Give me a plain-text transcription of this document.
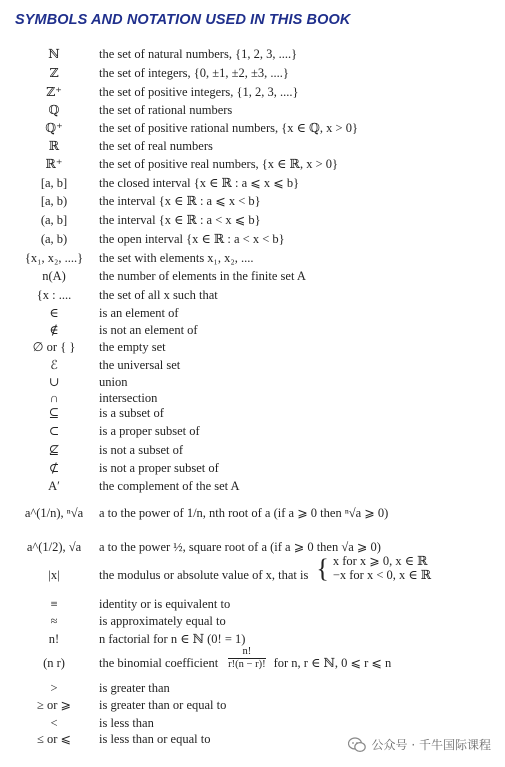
SYMBOLS AND NOTATION USED IN THIS BOOK
ℕ	the set of natural numbers, {1, 2, 3, ....}
ℤ	the set of integers, {0, ±1, ±2, ±3, ....}
ℤ⁺	the set of positive integers, {1, 2, 3, ....}
ℚ	the set of rational numbers
ℚ⁺	the set of positive rational numbers, {x ∈ ℚ, x > 0}
ℝ	the set of real numbers
ℝ⁺	the set of positive real numbers, {x ∈ ℝ, x > 0}
[a, b]	the closed interval {x ∈ ℝ : a ⩽ x ⩽ b}
[a, b)	the interval {x ∈ ℝ : a ⩽ x < b}
(a, b]	the interval {x ∈ ℝ : a < x ⩽ b}
(a, b)	the open interval {x ∈ ℝ : a < x < b}
{x₁, x₂, ....}	the set with elements x₁, x₂, ....
n(A)	the number of elements in the finite set A
{x : ....	the set of all x such that
∈	is an element of
∉	is not an element of
∅ or { }	the empty set
ℰ	the universal set
∪	union
∩	intersection
⊆	is a subset of
⊂	is a proper subset of
⊈	is not a subset of
⊄	is not a proper subset of
A′	the complement of the set A
a^(1/n), ⁿ√a	a to the power of 1/n, nth root of a (if a ⩾ 0 then ⁿ√a ⩾ 0)
a^(1/2), √a	a to the power ½, square root of a (if a ⩾ 0 then √a ⩾ 0)
|x|	the modulus or absolute value of x, that is { x for x ⩾ 0, x ∈ ℝ
−x for x < 0, x ∈ ℝ
≡	identity or is equivalent to
≈	is approximately equal to
n!	n factorial for n ∈ ℕ (0! = 1)
(n r)	the binomial coefficient $\frac{n!}{r!(n - r)!}$ for n, r ∈ ℕ, 0 ⩽ r ⩽ n
>	is greater than
≥ or ⩾	is greater than or equal to
<	is less than
≤ or ⩽	is less than or equal to	公众号 · 千牛国际课程
